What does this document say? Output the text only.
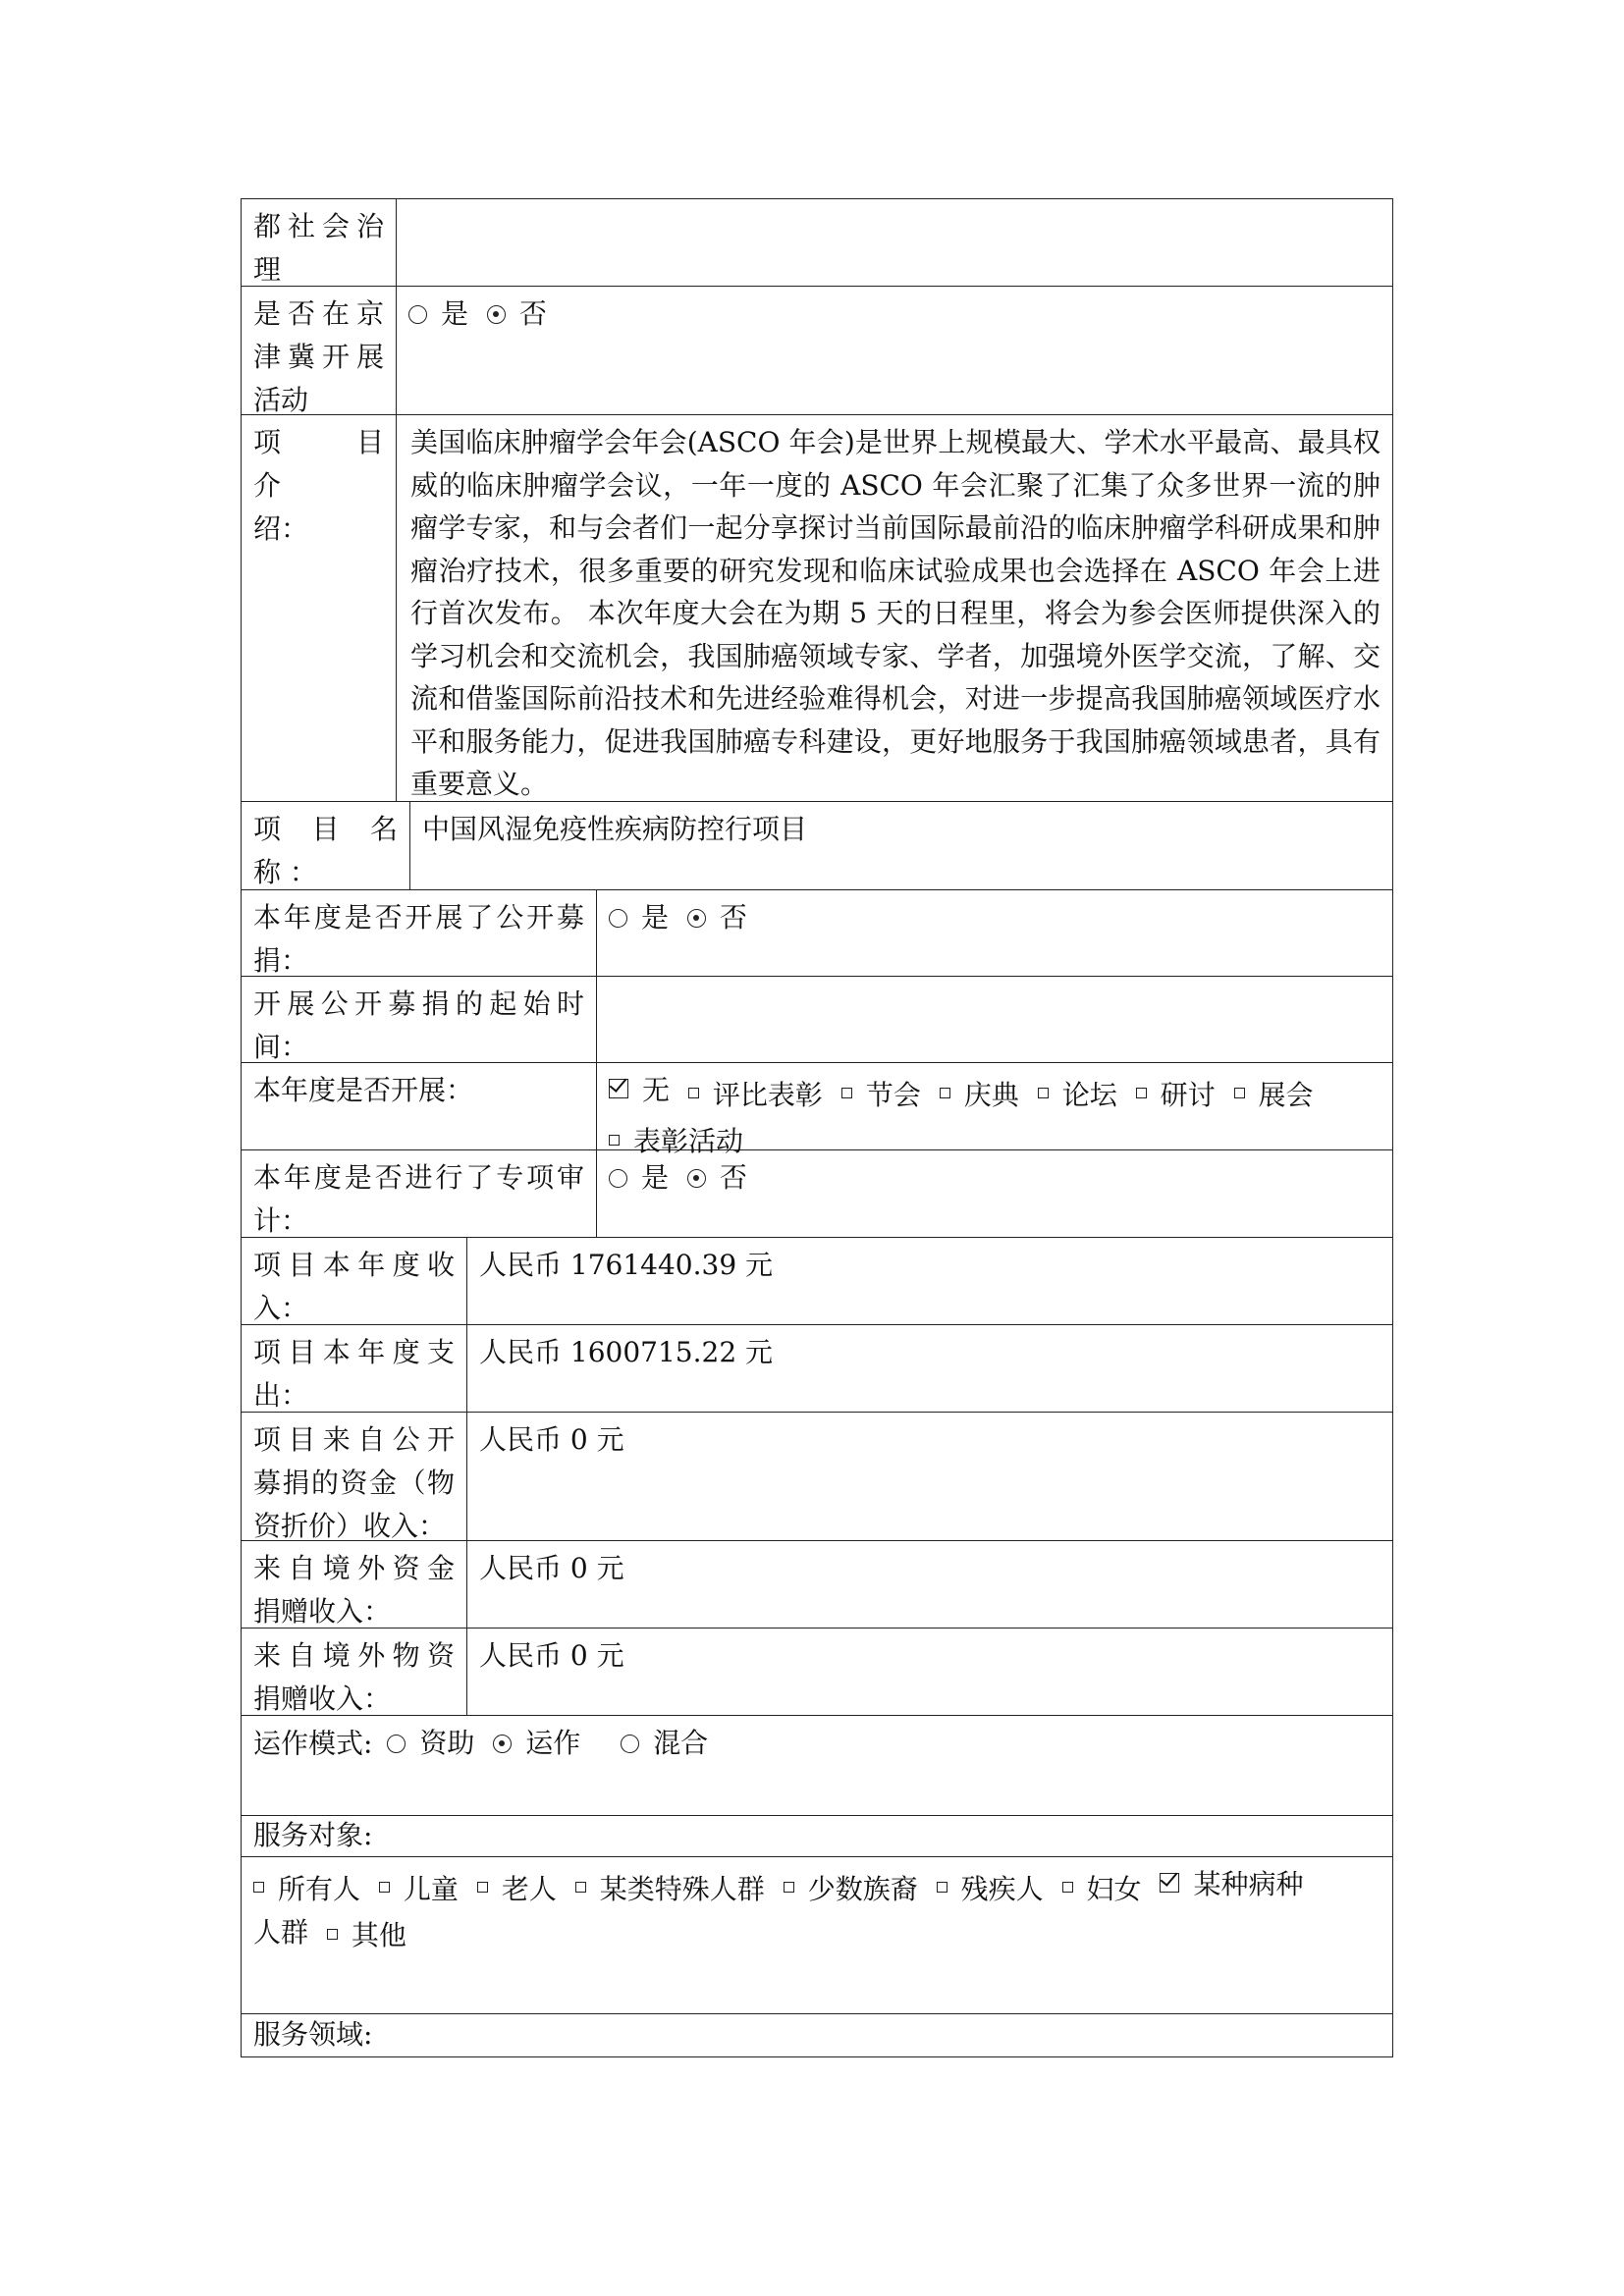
都社会治
理
是否在京
津冀开展
活动
是
否
项　目　介
绍：
美国临床肿瘤学会年会(ASCO 年会)是世界上规模最大、学术水平最高、最具权威的临床肿瘤学会议，一年一度的 ASCO 年会汇聚了汇集了众多世界一流的肿瘤学专家，和与会者们一起分享探讨当前国际最前沿的临床肿瘤学科研成果和肿瘤治疗技术，很多重要的研究发现和临床试验成果也会选择在 ASCO 年会上进行首次发布。 本次年度大会在为期 5 天的日程里，将会为参会医师提供深入的学习机会和交流机会，我国肺癌领域专家、学者，加强境外医学交流，了解、交流和借鉴国际前沿技术和先进经验难得机会，对进一步提高我国肺癌领域医疗水平和服务能力，促进我国肺癌专科建设，更好地服务于我国肺癌领域患者，具有重要意义。
项　目　名
称 ：
中国风湿免疫性疾病防控行项目
本年度是否开展了公开募
捐：
是
否
开展公开募捐的起始时
间：
本年度是否开展：	无
评比表彰
节会
庆典
论坛
研讨
展会
表彰活动
本年度是否进行了专项审
计：
是
否
项目本年度收
入：
人民币 1761440.39 元
项目本年度支
出：
人民币 1600715.22 元
项目来自公开
募捐的资金（物
资折价）收入：
人民币 0 元
来自境外资金
捐赠收入：
人民币 0 元
来自境外物资
捐赠收入：
人民币 0 元
运作模式: 资助
运作
	混合
服务对象:
所有人
儿童
老人
某类特殊人群
少数族裔
残疾人
妇女
某种病种
人群 其他
服务领域:
